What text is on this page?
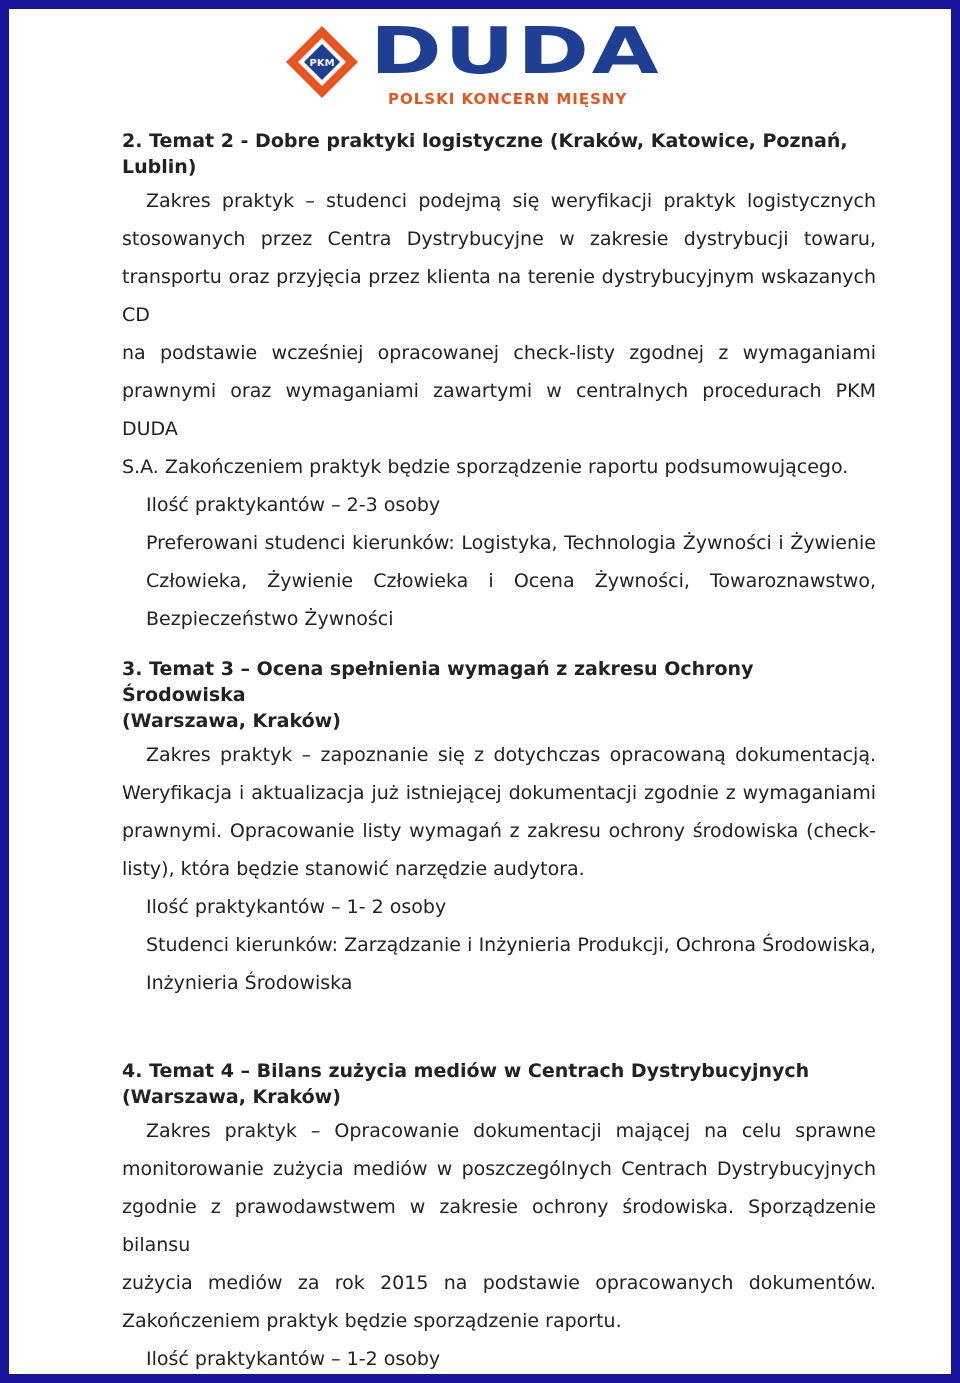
PKM DUDA
POLSKI KONCERN MIĘSNY
2. Temat 2 - Dobre praktyki logistyczne (Kraków, Katowice, Poznań,
Lublin)
Zakres praktyk – studenci podejmą się weryfikacji praktyk logistycznych
stosowanych przez Centra Dystrybucyjne w zakresie dystrybucji towaru,
transportu oraz przyjęcia przez klienta na terenie dystrybucyjnym wskazanych CD
na podstawie wcześniej opracowanej check-listy zgodnej z wymaganiami
prawnymi oraz wymaganiami zawartymi w centralnych procedurach PKM DUDA
S.A. Zakończeniem praktyk będzie sporządzenie raportu podsumowującego.
Ilość praktykantów – 2-3 osoby
Preferowani studenci kierunków: Logistyka, Technologia Żywności i Żywienie
Człowieka, Żywienie Człowieka i Ocena Żywności, Towaroznawstwo,
Bezpieczeństwo Żywności
3. Temat 3 – Ocena spełnienia wymagań z zakresu Ochrony Środowiska
(Warszawa, Kraków)
Zakres praktyk – zapoznanie się z dotychczas opracowaną dokumentacją.
Weryfikacja i aktualizacja już istniejącej dokumentacji zgodnie z wymaganiami
prawnymi. Opracowanie listy wymagań z zakresu ochrony środowiska (check-
listy), która będzie stanowić narzędzie audytora.
Ilość praktykantów – 1- 2 osoby
Studenci kierunków: Zarządzanie i Inżynieria Produkcji, Ochrona Środowiska,
Inżynieria Środowiska
4. Temat 4 – Bilans zużycia mediów w Centrach Dystrybucyjnych
(Warszawa, Kraków)
Zakres praktyk – Opracowanie dokumentacji mającej na celu sprawne
monitorowanie zużycia mediów w poszczególnych Centrach Dystrybucyjnych
zgodnie z prawodawstwem w zakresie ochrony środowiska. Sporządzenie bilansu
zużycia mediów za rok 2015 na podstawie opracowanych dokumentów.
Zakończeniem praktyk będzie sporządzenie raportu.
Ilość praktykantów – 1-2 osoby
